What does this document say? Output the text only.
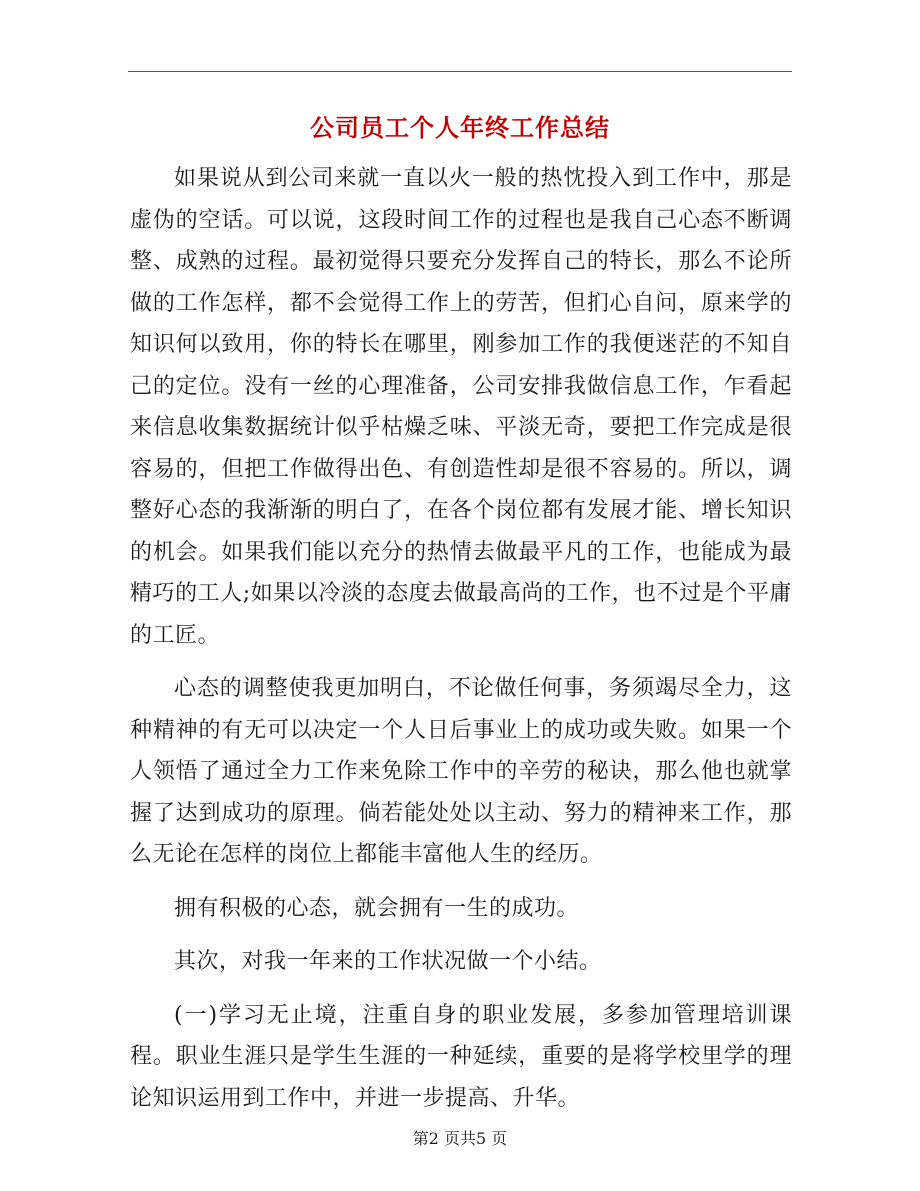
公司员工个人年终工作总结

如果说从到公司来就一直以火一般的热忱投入到工作中，那是虚伪的空话。可以说，这段时间工作的过程也是我自己心态不断调整、成熟的过程。最初觉得只要充分发挥自己的特长，那么不论所做的工作怎样，都不会觉得工作上的劳苦，但扪心自问，原来学的知识何以致用，你的特长在哪里，刚参加工作的我便迷茫的不知自己的定位。没有一丝的心理准备，公司安排我做信息工作，乍看起来信息收集数据统计似乎枯燥乏味、平淡无奇，要把工作完成是很容易的，但把工作做得出色、有创造性却是很不容易的。所以，调整好心态的我渐渐的明白了，在各个岗位都有发展才能、增长知识的机会。如果我们能以充分的热情去做最平凡的工作，也能成为最精巧的工人;如果以冷淡的态度去做最高尚的工作，也不过是个平庸的工匠。

心态的调整使我更加明白，不论做任何事，务须竭尽全力，这种精神的有无可以决定一个人日后事业上的成功或失败。如果一个人领悟了通过全力工作来免除工作中的辛劳的秘诀，那么他也就掌握了达到成功的原理。倘若能处处以主动、努力的精神来工作，那么无论在怎样的岗位上都能丰富他人生的经历。

拥有积极的心态，就会拥有一生的成功。

其次，对我一年来的工作状况做一个小结。

(一)学习无止境，注重自身的职业发展，多参加管理培训课程。职业生涯只是学生生涯的一种延续，重要的是将学校里学的理论知识运用到工作中，并进一步提高、升华。

第2 页共5 页
